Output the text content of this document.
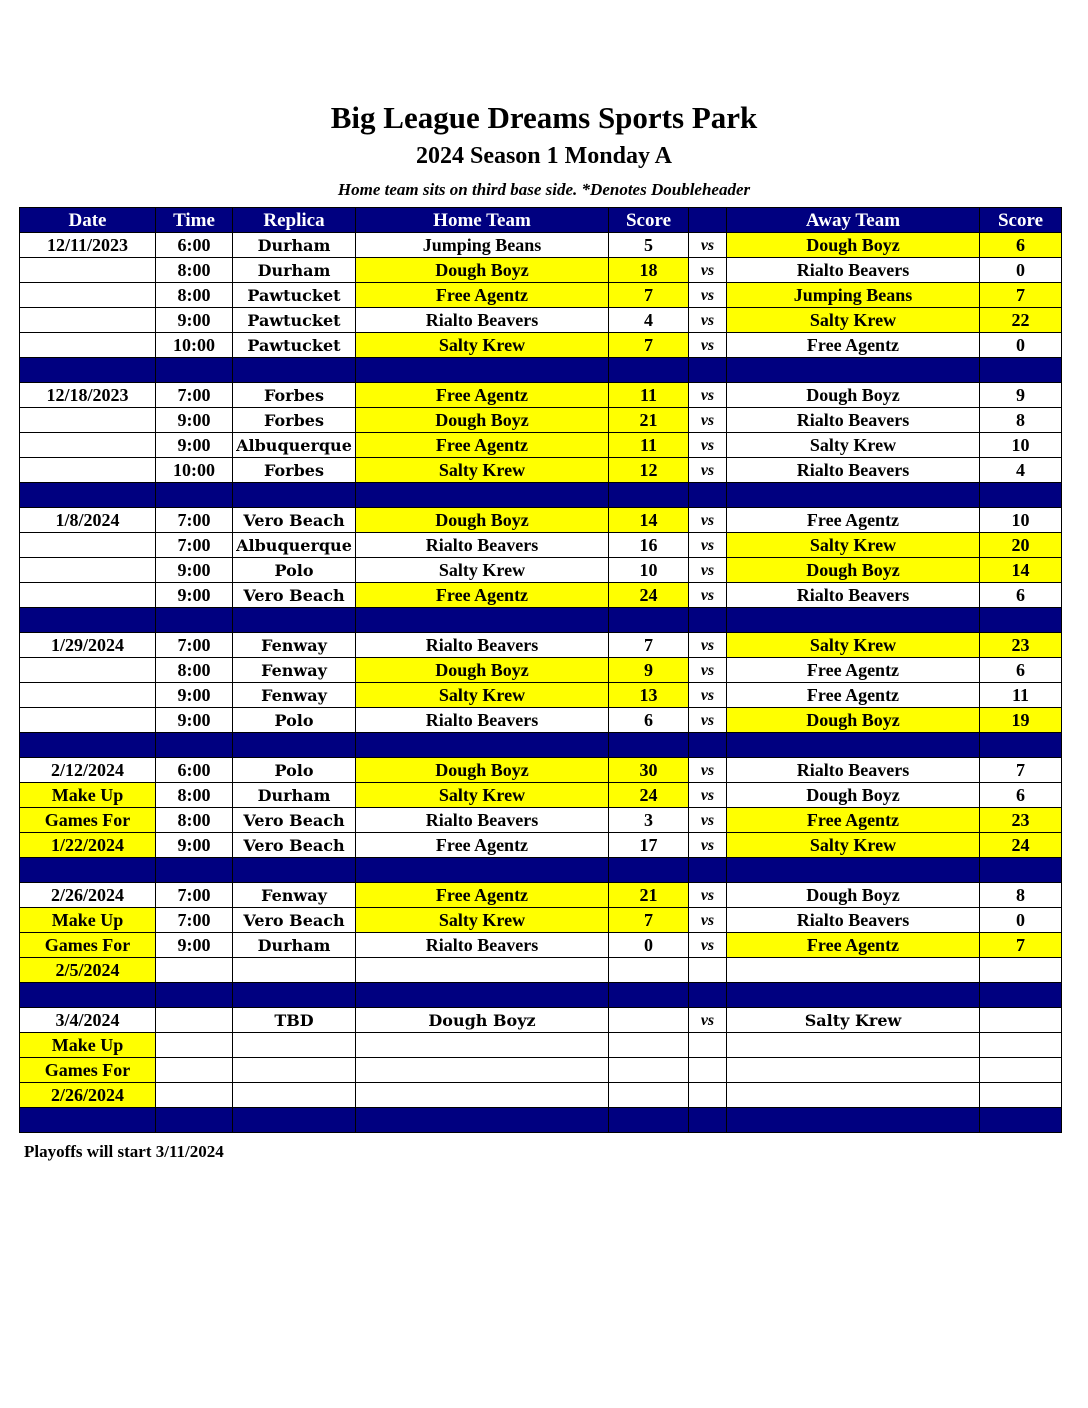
Big League Dreams Sports Park
2024 Season 1 Monday A
Home team sits on third base side. *Denotes Doubleheader
Date	Time	Replica	Home Team	Score		Away Team	Score
12/11/2023	6:00	Durham	Jumping Beans	5	vs	Dough Boyz	6
	8:00	Durham	Dough Boyz	18	vs	Rialto Beavers	0
	8:00	Pawtucket	Free Agentz	7	vs	Jumping Beans	7
	9:00	Pawtucket	Rialto Beavers	4	vs	Salty Krew	22
	10:00	Pawtucket	Salty Krew	7	vs	Free Agentz	0

12/18/2023	7:00	Forbes	Free Agentz	11	vs	Dough Boyz	9
	9:00	Forbes	Dough Boyz	21	vs	Rialto Beavers	8
	9:00	Albuquerque	Free Agentz	11	vs	Salty Krew	10
	10:00	Forbes	Salty Krew	12	vs	Rialto Beavers	4

1/8/2024	7:00	Vero Beach	Dough Boyz	14	vs	Free Agentz	10
	7:00	Albuquerque	Rialto Beavers	16	vs	Salty Krew	20
	9:00	Polo	Salty Krew	10	vs	Dough Boyz	14
	9:00	Vero Beach	Free Agentz	24	vs	Rialto Beavers	6

1/29/2024	7:00	Fenway	Rialto Beavers	7	vs	Salty Krew	23
	8:00	Fenway	Dough Boyz	9	vs	Free Agentz	6
	9:00	Fenway	Salty Krew	13	vs	Free Agentz	11
	9:00	Polo	Rialto Beavers	6	vs	Dough Boyz	19

2/12/2024	6:00	Polo	Dough Boyz	30	vs	Rialto Beavers	7
Make Up	8:00	Durham	Salty Krew	24	vs	Dough Boyz	6
Games For	8:00	Vero Beach	Rialto Beavers	3	vs	Free Agentz	23
1/22/2024	9:00	Vero Beach	Free Agentz	17	vs	Salty Krew	24

2/26/2024	7:00	Fenway	Free Agentz	21	vs	Dough Boyz	8
Make Up	7:00	Vero Beach	Salty Krew	7	vs	Rialto Beavers	0
Games For	9:00	Durham	Rialto Beavers	0	vs	Free Agentz	7
2/5/2024							

3/4/2024		TBD	Dough Boyz		vs	Salty Krew	
Make Up							
Games For							
2/26/2024							

Playoffs will start 3/11/2024
